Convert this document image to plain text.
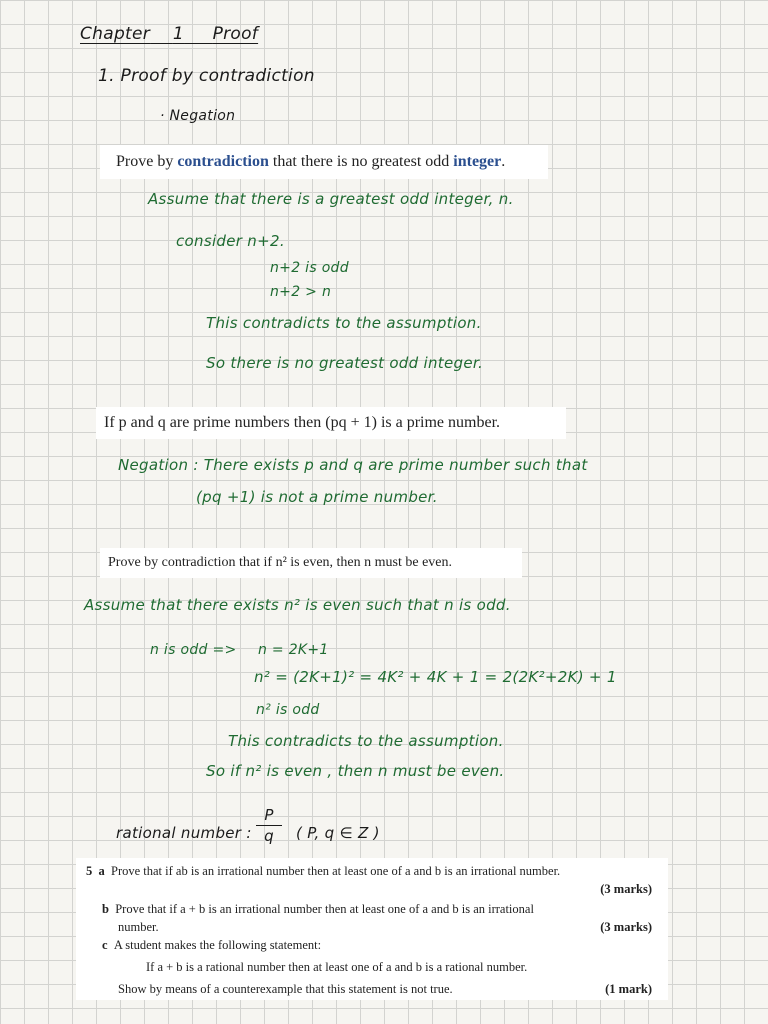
Chapter 1 Proof
1. Proof by contradiction
· Negation
Prove by contradiction that there is no greatest odd integer.
Assume that there is a greatest odd integer, n.
consider n+2.
n+2 is odd
n+2 > n
This contradicts to the assumption.
So there is no greatest odd integer.
If p and q are prime numbers then (pq + 1) is a prime number.
Negation : There exists p and q are prime number such that
(pq +1) is not a prime number.
Prove by contradiction that if n² is even, then n must be even.
Assume that there exists n² is even such that n is odd.
n is odd => n = 2K+1
n² = (2K+1)² = 4K² + 4K + 1 = 2(2K²+2K) + 1
n² is odd
This contradicts to the assumption.
So if n² is even , then n must be even.
rational number :
P
q	( P, q ∈ Z )
5 a Prove that if ab is an irrational number then at least one of a and b is an irrational number.
(3 marks)
b Prove that if a + b is an irrational number then at least one of a and b is an irrational
number.	(3 marks)
c A student makes the following statement:
If a + b is a rational number then at least one of a and b is a rational number.
Show by means of a counterexample that this statement is not true.	(1 mark)
